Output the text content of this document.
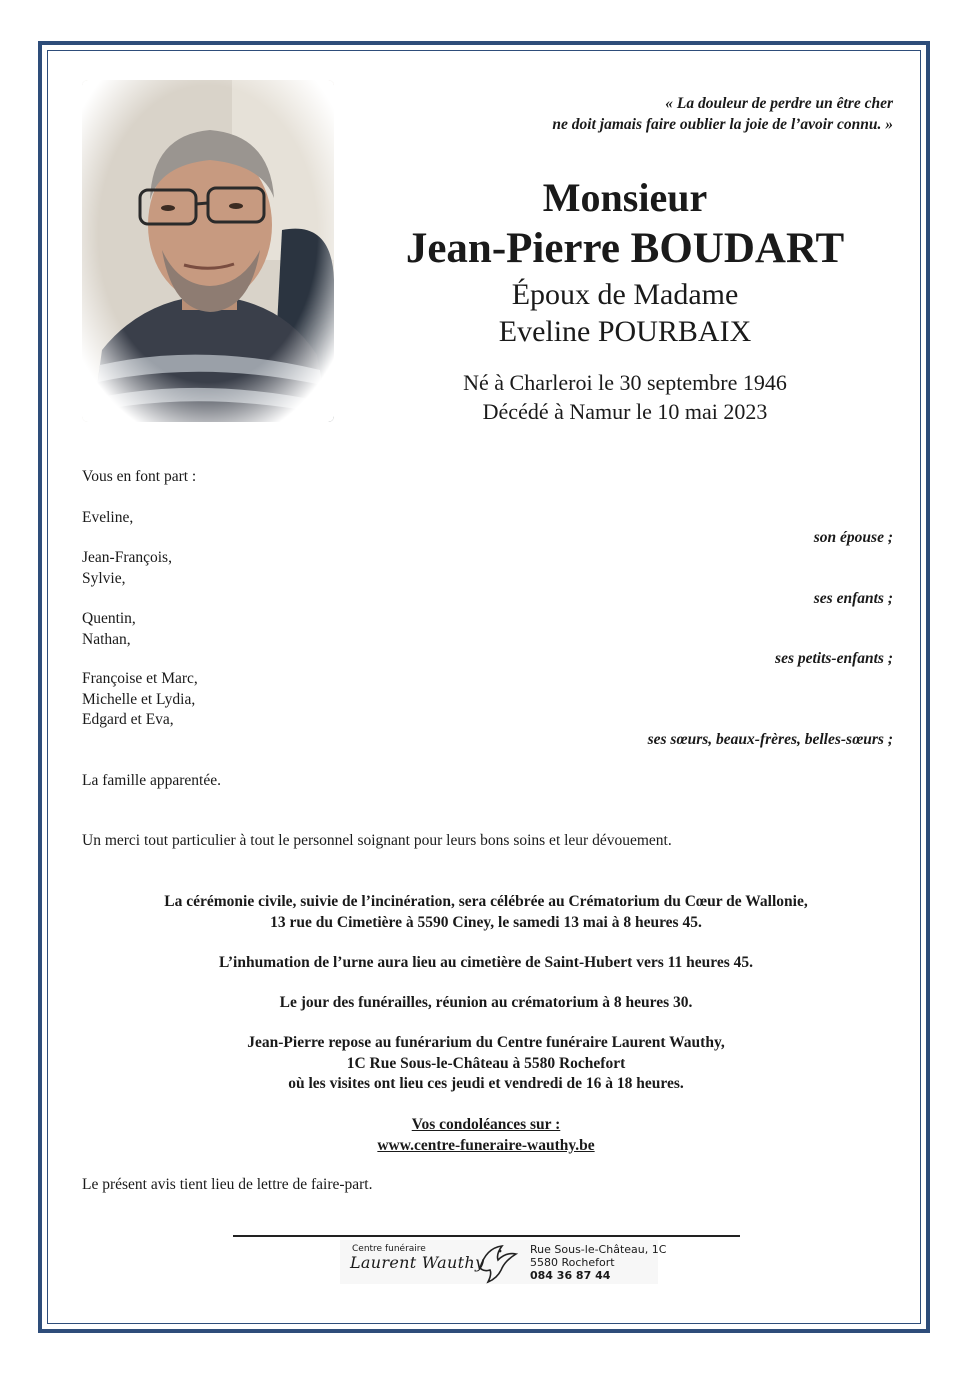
« La douleur de perdre un être cher
ne doit jamais faire oublier la joie de l’avoir connu. »
Monsieur
Jean-Pierre BOUDART
Époux de Madame
Eveline POURBAIX
Né à Charleroi le 30 septembre 1946
Décédé à Namur le 10 mai 2023
Vous en font part :
Eveline,
son épouse ;
Jean-François,
Sylvie,
ses enfants ;
Quentin,
Nathan,
ses petits-enfants ;
Françoise et Marc,
Michelle et Lydia,
Edgard et Eva,
ses sœurs, beaux-frères, belles-sœurs ;
La famille apparentée.
Un merci tout particulier à tout le personnel soignant pour leurs bons soins et leur dévouement.
La cérémonie civile, suivie de l’incinération, sera célébrée au Crématorium du Cœur de Wallonie,
13 rue du Cimetière à 5590 Ciney, le samedi 13 mai à 8 heures 45.
L’inhumation de l’urne aura lieu au cimetière de Saint-Hubert vers 11 heures 45.
Le jour des funérailles, réunion au crématorium à 8 heures 30.
Jean-Pierre repose au funérarium du Centre funéraire Laurent Wauthy,
1C Rue Sous-le-Château à 5580 Rochefort
où les visites ont lieu ces jeudi et vendredi de 16 à 18 heures.
Vos condoléances sur :
www.centre-funeraire-wauthy.be
Le présent avis tient lieu de lettre de faire-part.
Centre funéraire
Laurent Wauthy
Rue Sous-le-Château, 1C
5580 Rochefort
084 36 87 44
